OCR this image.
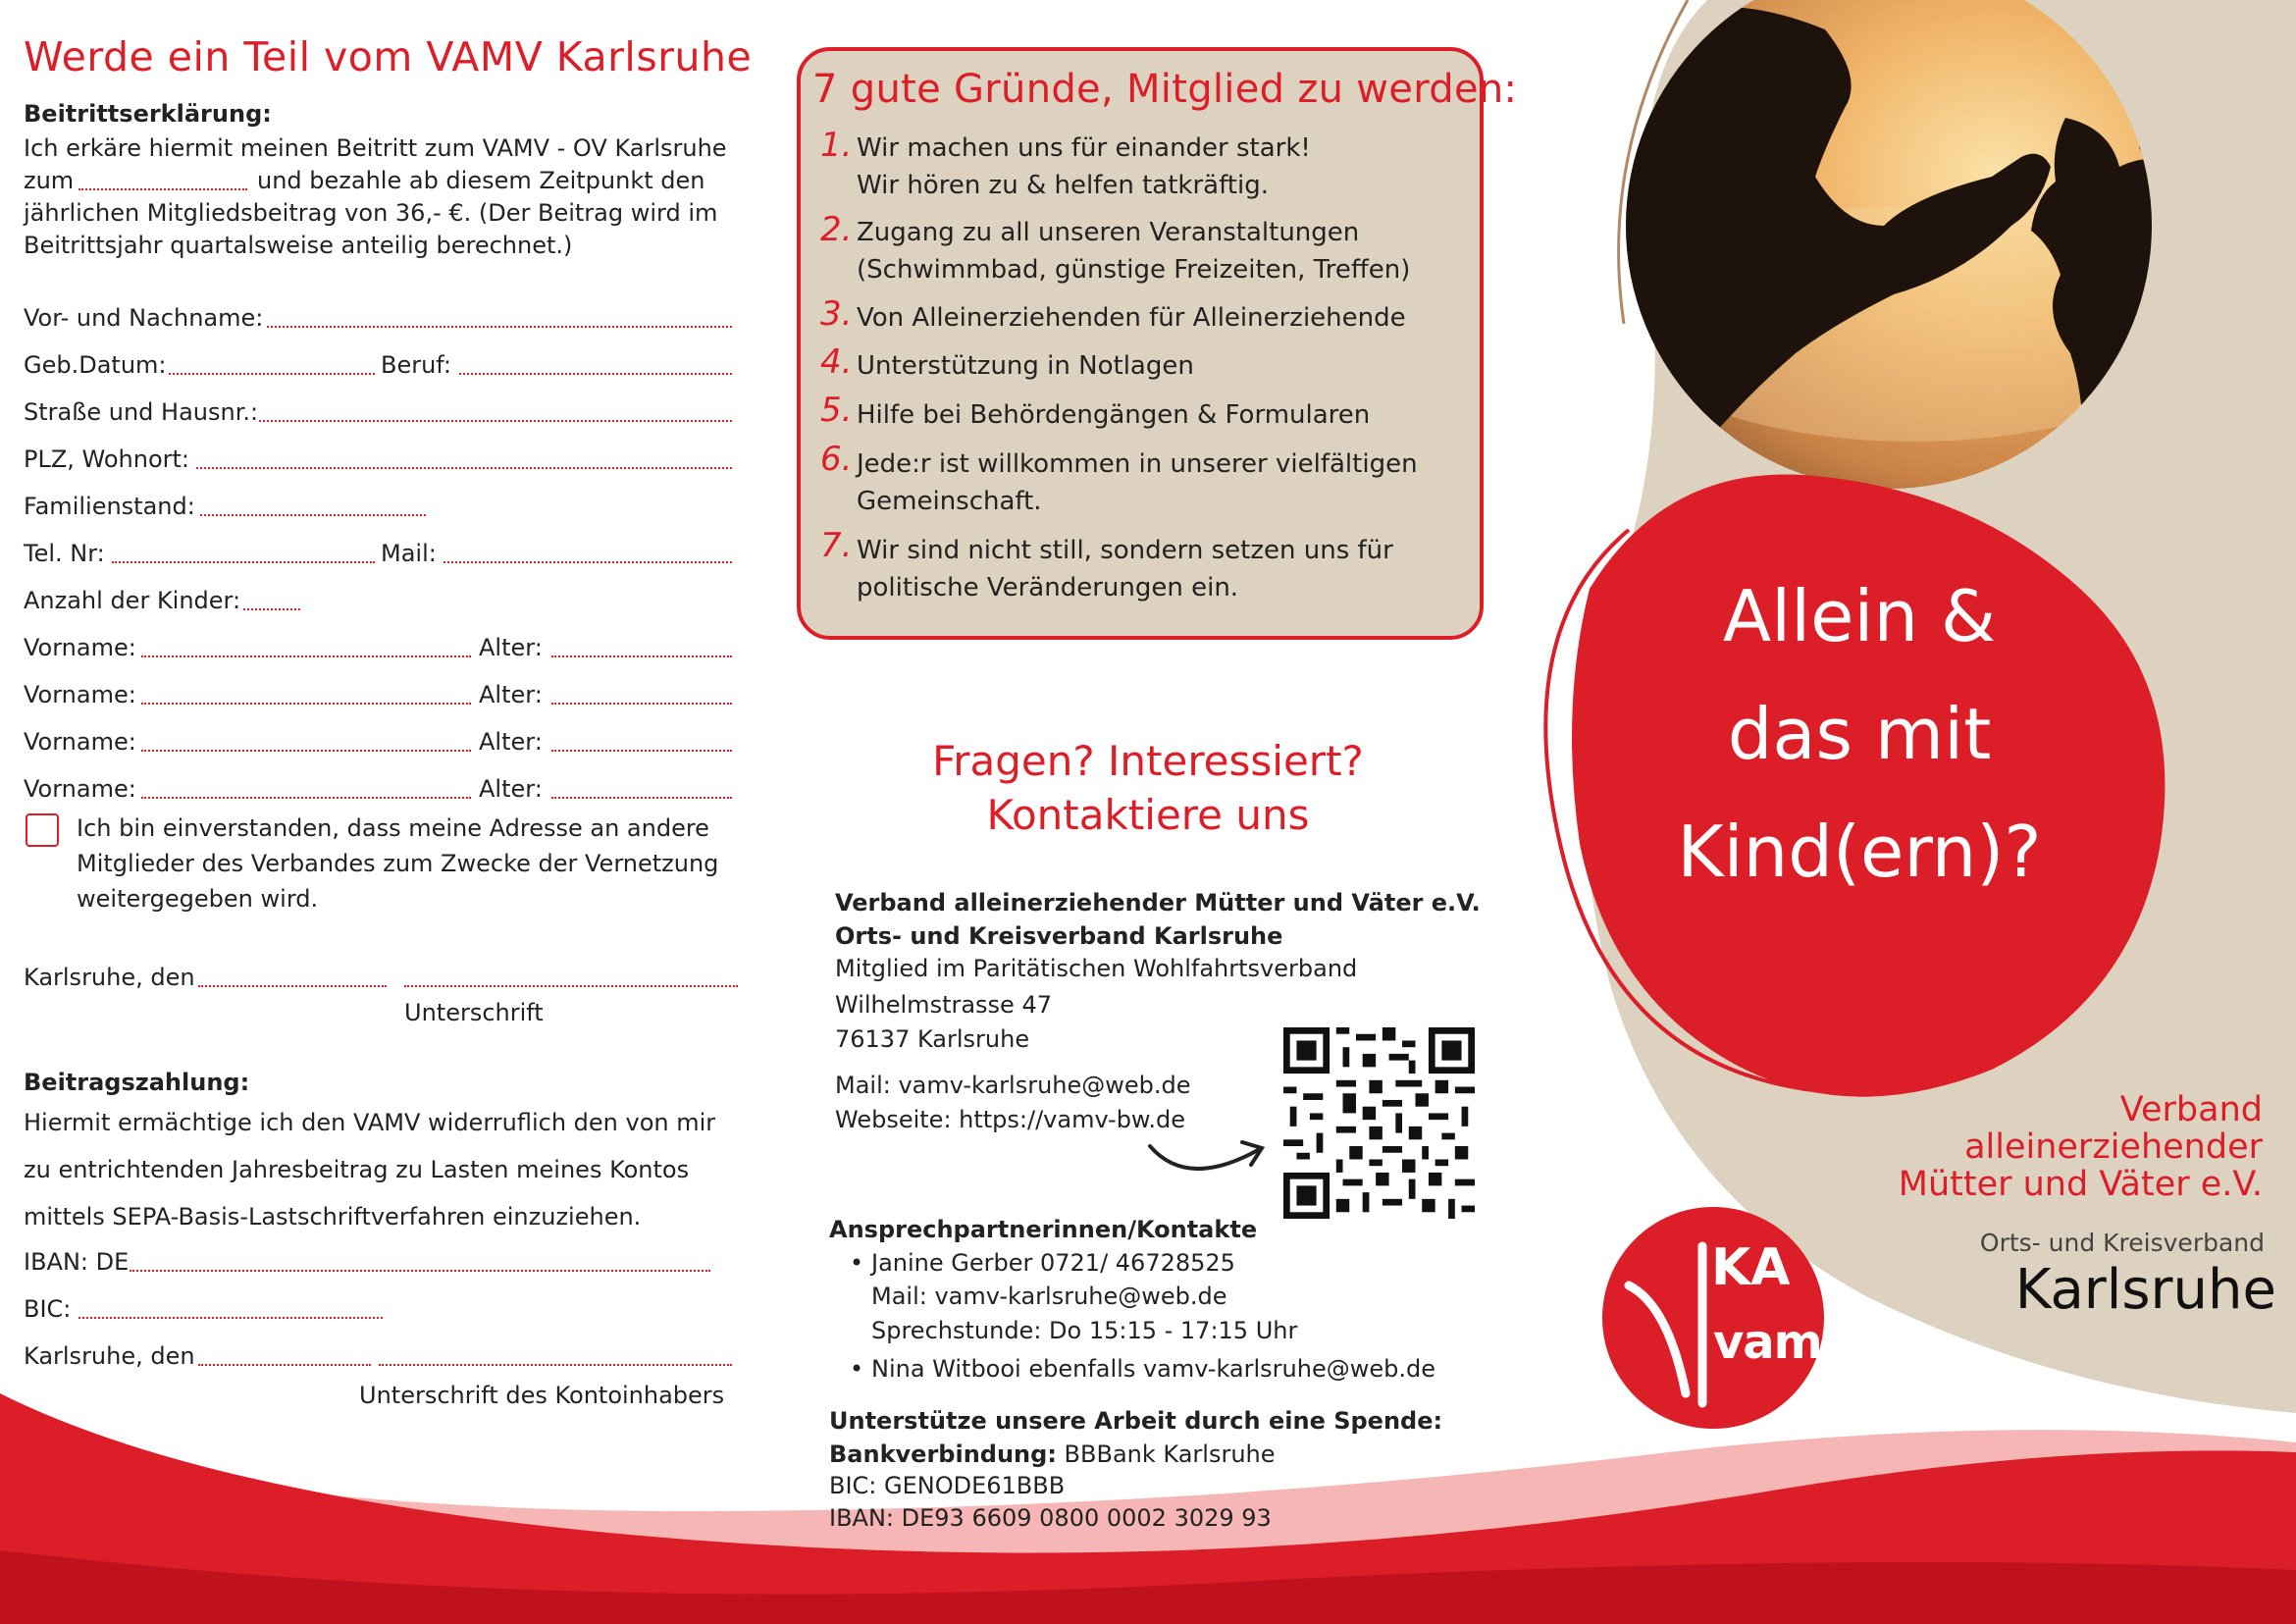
Werde ein Teil vom VAMV Karlsruhe
Beitrittserklärung:
Ich erkäre hiermit meinen Beitritt zum VAMV - OV Karlsruhe
zum	und bezahle ab diesem Zeitpunkt den
jährlichen Mitgliedsbeitrag von 36,- €. (Der Beitrag wird im
Beitrittsjahr quartalsweise anteilig berechnet.)
Vor- und Nachname:
Geb.Datum:	Beruf:
Straße und Hausnr.:
PLZ, Wohnort:
Familienstand:
Tel. Nr:	Mail:
Anzahl der Kinder:
Vorname:	Alter:
Vorname:	Alter:
Vorname:	Alter:
Vorname:	Alter:
Ich bin einverstanden, dass meine Adresse an andere
Mitglieder des Verbandes zum Zwecke der Vernetzung
weitergegeben wird.
Karlsruhe, den
Unterschrift
Beitragszahlung:
Hiermit ermächtige ich den VAMV widerruflich den von mir
zu entrichtenden Jahresbeitrag zu Lasten meines Kontos
mittels SEPA-Basis-Lastschriftverfahren einzuziehen.
IBAN: DE
BIC:
Karlsruhe, den
Unterschrift des Kontoinhabers
7 gute Gründe, Mitglied zu werden:
1. Wir machen uns für einander stark!
Wir hören zu & helfen tatkräftig.
2. Zugang zu all unseren Veranstaltungen
(Schwimmbad, günstige Freizeiten, Treffen)
3. Von Alleinerziehenden für Alleinerziehende
4. Unterstützung in Notlagen
5. Hilfe bei Behördengängen & Formularen
6. Jede:r ist willkommen in unserer vielfältigen
Gemeinschaft.
7. Wir sind nicht still, sondern setzen uns für
politische Veränderungen ein.
Fragen? Interessiert?
Kontaktiere uns
Verband alleinerziehender Mütter und Väter e.V.
Orts- und Kreisverband Karlsruhe
Mitglied im Paritätischen Wohlfahrtsverband
Wilhelmstrasse 47
76137 Karlsruhe
Mail: vamv-karlsruhe@web.de
Webseite: https://vamv-bw.de
Ansprechpartnerinnen/Kontakte
• Janine Gerber 0721/ 46728525
Mail: vamv-karlsruhe@web.de
Sprechstunde: Do 15:15 - 17:15 Uhr
• Nina Witbooi ebenfalls vamv-karlsruhe@web.de
Unterstütze unsere Arbeit durch eine Spende:
Bankverbindung: BBBank Karlsruhe
BIC: GENODE61BBB
IBAN: DE93 6609 0800 0002 3029 93
Allein &
das mit
Kind(ern)?
Verband
alleinerziehender
Mütter und Väter e.V.
Orts- und Kreisverband
Karlsruhe
KA
vamv
